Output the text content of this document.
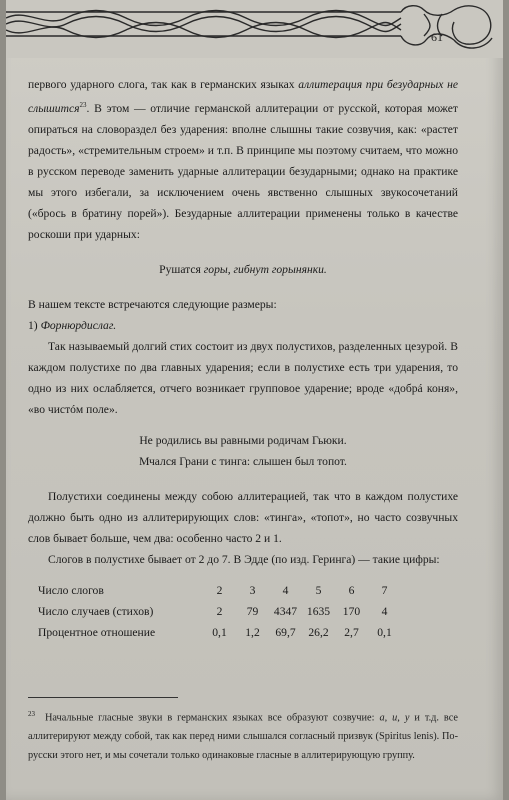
61

первого ударного слога, так как в германских языках аллитерация при безударных не слышится$^{23}$. В этом — отличие германской аллитерации от русской, которая может опираться на словораздел без ударения: вполне слышны такие созвучия, как: «растет радость», «стремительным строем» и т.п. В принципе мы поэтому считаем, что можно в русском переводе заменить ударные аллитерации безударными; однако на практике мы этого избегали, за исключением очень явственно слышных звукосочетаний («брось в братину порей»). Безударные аллитерации применены только в качестве роскоши при ударных:

Рушатся горы, гибнут горынянки.

В нашем тексте встречаются следующие размеры:

1) Форнюрдислаг.

Так называемый долгий стих состоит из двух полустихов, разделенных цезурой. В каждом полустихе по два главных ударения; если в полустихе есть три ударения, то одно из них ослабляется, отчего возникает групповое ударение; вроде «добрá коня», «во чистóм поле».

Не родились вы равными родичам Гьюки.

Мчался Грани с тинга: слышен был топот.

Полустихи соединены между собою аллитерацией, так что в каждом полустихе должно быть одно из аллитерирующих слов: «тинга», «топот», но часто созвучных слов бывает больше, чем два: особенно часто 2 и 1.

Слогов в полустихе бывает от 2 до 7. В Эдде (по изд. Геринга) — такие цифры:

Число слогов	2	3	4	5	6	7
Число случаев (стихов)	2	79	4347	1635	170	4
Процентное отношение	0,1	1,2	69,7	26,2	2,7	0,1
$^{23}$ Начальные гласные звуки в германских языках все образуют созвучие: а, и, у и т.д. все аллитерируют между собой, так как перед ними слышался согласный призвук (Spiritus lenis). По-русски этого нет, и мы сочетали только одинаковые гласные в аллитерирующую группу.
